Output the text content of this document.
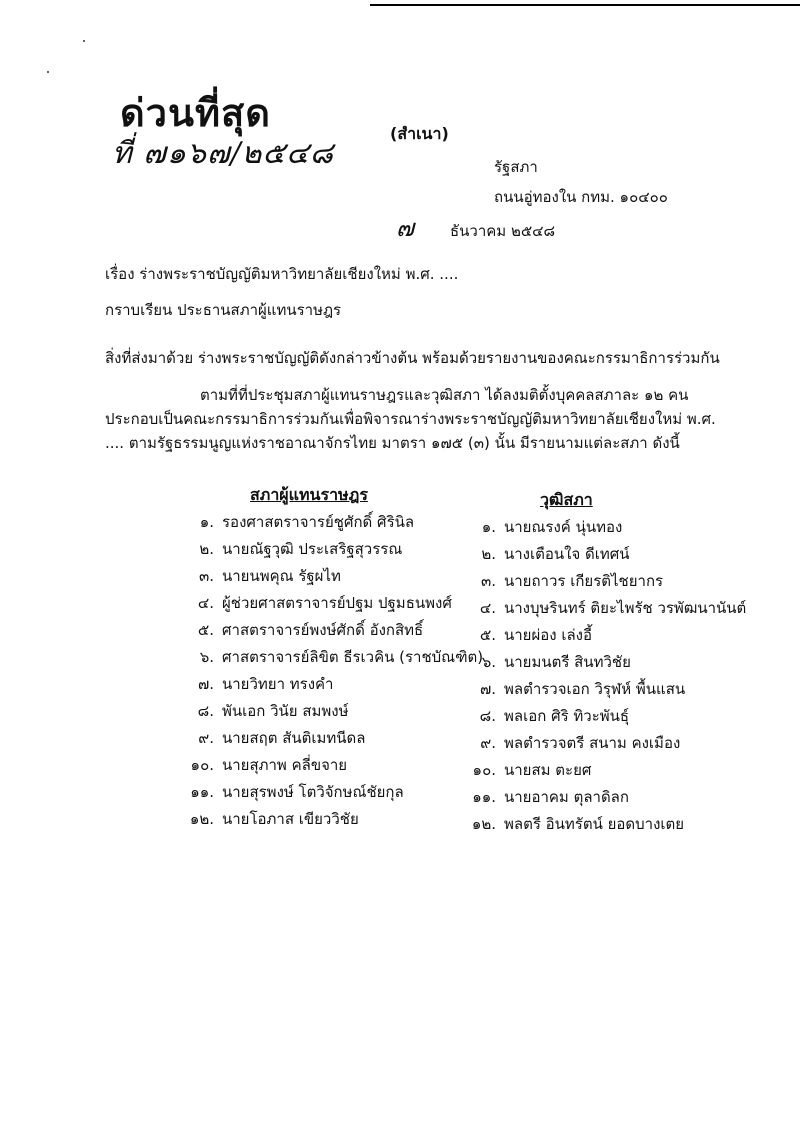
ด่วนที่สุด
ที่ ๗๑๖๗/๒๕๔๘
(สำเนา)
รัฐสภา
ถนนอู่ทองใน กทม. ๑๐๔๐๐
๗ ธันวาคม ๒๕๔๘
เรื่อง ร่างพระราชบัญญัติมหาวิทยาลัยเชียงใหม่ พ.ศ. ....
กราบเรียน ประธานสภาผู้แทนราษฎร
สิ่งที่ส่งมาด้วย ร่างพระราชบัญญัติดังกล่าวข้างต้น พร้อมด้วยรายงานของคณะกรรมาธิการร่วมกัน
ตามที่ที่ประชุมสภาผู้แทนราษฎรและวุฒิสภา ได้ลงมติตั้งบุคคลสภาละ ๑๒ คน ประกอบเป็นคณะกรรมาธิการร่วมกันเพื่อพิจารณาร่างพระราชบัญญัติมหาวิทยาลัยเชียงใหม่ พ.ศ. .... ตามรัฐธรรมนูญแห่งราชอาณาจักรไทย มาตรา ๑๗๕ (๓) นั้น มีรายนามแต่ละสภา ดังนี้
สภาผู้แทนราษฎร	วุฒิสภา
๑. รองศาสตราจารย์ชูศักดิ์ ศิรินิล
๒. นายณัฐวุฒิ ประเสริฐสุวรรณ
๓. นายนพคุณ รัฐผไท
๔. ผู้ช่วยศาสตราจารย์ปฐม ปฐมธนพงศ์
๕. ศาสตราจารย์พงษ์ศักดิ์ อังกสิทธิ์
๖. ศาสตราจารย์ลิขิต ธีรเวคิน (ราชบัณฑิต)
๗. นายวิทยา ทรงคำ
๘. พันเอก วินัย สมพงษ์
๙. นายสฤต สันติเมทนีดล
๑๐. นายสุภาพ คลี่ขจาย
๑๑. นายสุรพงษ์ โตวิจักษณ์ชัยกุล
๑๒. นายโอภาส เขียววิชัย
๑. นายณรงค์ นุ่นทอง
๒. นางเตือนใจ ดีเทศน์
๓. นายถาวร เกียรติไชยากร
๔. นางบุษรินทร์ ติยะไพรัช วรพัฒนานันต์
๕. นายผ่อง เล่งอี้
๖. นายมนตรี สินทวิชัย
๗. พลตำรวจเอก วิรุฬห์ พื้นแสน
๘. พลเอก ศิริ ทิวะพันธุ์
๙. พลตำรวจตรี สนาม คงเมือง
๑๐. นายสม ตะยศ
๑๑. นายอาคม ตุลาดิลก
๑๒. พลตรี อินทรัตน์ ยอดบางเตย
